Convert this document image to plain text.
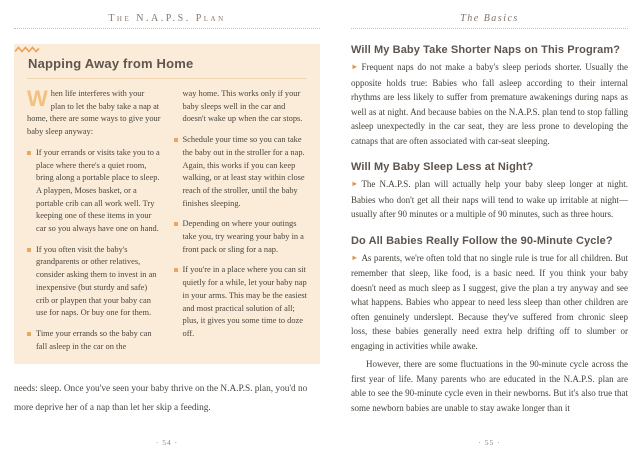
The N.A.P.S. Plan
Napping Away from Home

When life interferes with your plan to let the baby take a nap at home, there are some ways to give your baby sleep anyway:

If your errands or visits take you to a place where there's a quiet room, bring along a portable place to sleep. A playpen, Moses basket, or a portable crib can all work well. Try keeping one of these items in your car so you always have one on hand.
If you often visit the baby's grandparents or other relatives, consider asking them to invest in an inexpensive (but sturdy and safe) crib or playpen that your baby can use for naps. Or buy one for them.
Time your errands so the baby can fall asleep in the car on the

way home. This works only if your baby sleeps well in the car and doesn't wake up when the car stops.

Schedule your time so you can take the baby out in the stroller for a nap. Again, this works if you can keep walking, or at least stay within close reach of the stroller, until the baby finishes sleeping.
Depending on where your outings take you, try wearing your baby in a front pack or sling for a nap.
If you're in a place where you can sit quietly for a while, let your baby nap in your arms. This may be the easiest and most practical solution of all; plus, it gives you some time to doze off.

needs: sleep. Once you've seen your baby thrive on the N.A.P.S. plan, you'd no more deprive her of a nap than let her skip a feeding.

· 54 ·
The Basics
Will My Baby Take Shorter Naps on This Program?

► Frequent naps do not make a baby's sleep periods shorter. Usually the opposite holds true: Babies who fall asleep according to their internal rhythms are less likely to suffer from premature awakenings during naps as well as at night. And because babies on the N.A.P.S. plan tend to stop falling asleep unexpectedly in the car seat, they are less prone to developing the catnaps that are often associated with car-seat sleeping.

Will My Baby Sleep Less at Night?

► The N.A.P.S. plan will actually help your baby sleep longer at night. Babies who don't get all their naps will tend to wake up irritable at night—usually after 90 minutes or a multiple of 90 minutes, such as three hours.

Do All Babies Really Follow the 90-Minute Cycle?

► As parents, we're often told that no single rule is true for all children. But remember that sleep, like food, is a basic need. If you think your baby doesn't need as much sleep as I suggest, give the plan a try anyway and see what happens. Babies who appear to need less sleep than other children are often genuinely underslept. Because they've suffered from chronic sleep loss, these babies generally need extra help drifting off to slumber or engaging in activities while awake.

However, there are some fluctuations in the 90-minute cycle across the first year of life. Many parents who are educated in the N.A.P.S. plan are able to see the 90-minute cycle even in their newborns. But it's also true that some newborn babies are unable to stay awake longer than it

· 55 ·
